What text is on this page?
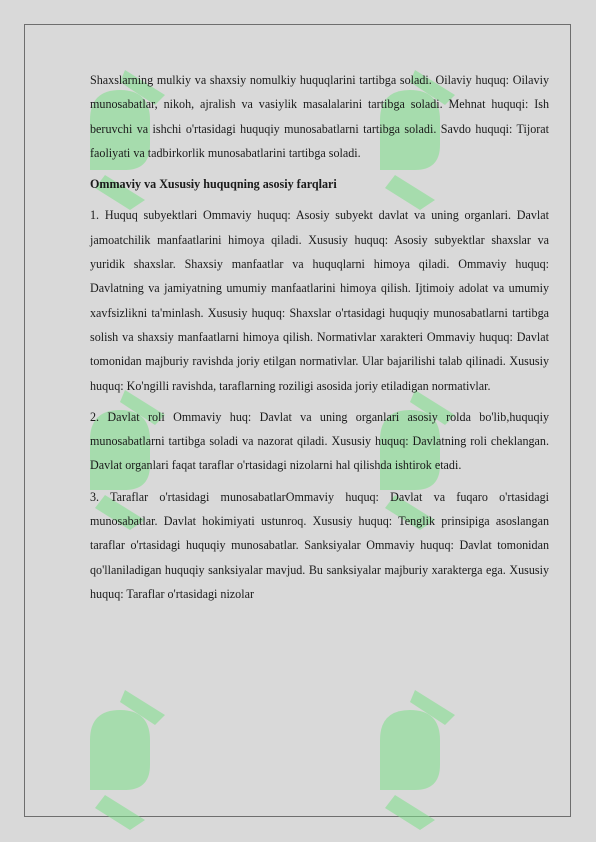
Shaxslarning mulkiy va shaxsiy nomulkiy huquqlarini tartibga soladi. Oilaviy huquq: Oilaviy munosabatlar, nikoh, ajralish va vasiylik masalalarini tartibga soladi. Mehnat huquqi: Ish beruvchi va ishchi o'rtasidagi huquqiy munosabatlarni tartibga soladi. Savdo huquqi: Tijorat faoliyati va tadbirkorlik munosabatlarini tartibga soladi.

Ommaviy va Xususiy huquqning asosiy farqlari

1. Huquq subyektlari Ommaviy huquq: Asosiy subyekt davlat va uning organlari. Davlat jamoatchilik manfaatlarini himoya qiladi. Xususiy huquq: Asosiy subyektlar shaxslar va yuridik shaxslar. Shaxsiy manfaatlar va huquqlarni himoya qiladi. Ommaviy huquq: Davlatning va jamiyatning umumiy manfaatlarini himoya qilish. Ijtimoiy adolat va umumiy xavfsizlikni ta'minlash. Xususiy huquq: Shaxslar o'rtasidagi huquqiy munosabatlarni tartibga solish va shaxsiy manfaatlarni himoya qilish. Normativlar xarakteri Ommaviy huquq: Davlat tomonidan majburiy ravishda joriy etilgan normativlar. Ular bajarilishi talab qilinadi. Xususiy huquq: Ko'ngilli ravishda, taraflarning roziligi asosida joriy etiladigan normativlar.

2. Davlat roli Ommaviy huq: Davlat va uning organlari asosiy rolda bo'lib,huquqiy munosabatlarni tartibga soladi va nazorat qiladi. Xususiy huquq: Davlatning roli cheklangan. Davlat organlari faqat taraflar o'rtasidagi nizolarni hal qilishda ishtirok etadi.

3. Taraflar o'rtasidagi munosabatlarOmmaviy huquq: Davlat va fuqaro o'rtasidagi munosabatlar. Davlat hokimiyati ustunroq. Xususiy huquq: Tenglik prinsipiga asoslangan taraflar o'rtasidagi huquqiy munosabatlar. Sanksiyalar Ommaviy huquq: Davlat tomonidan qo'llaniladigan huquqiy sanksiyalar mavjud. Bu sanksiyalar majburiy xarakterga ega. Xususiy huquq: Taraflar o'rtasidagi nizolar
